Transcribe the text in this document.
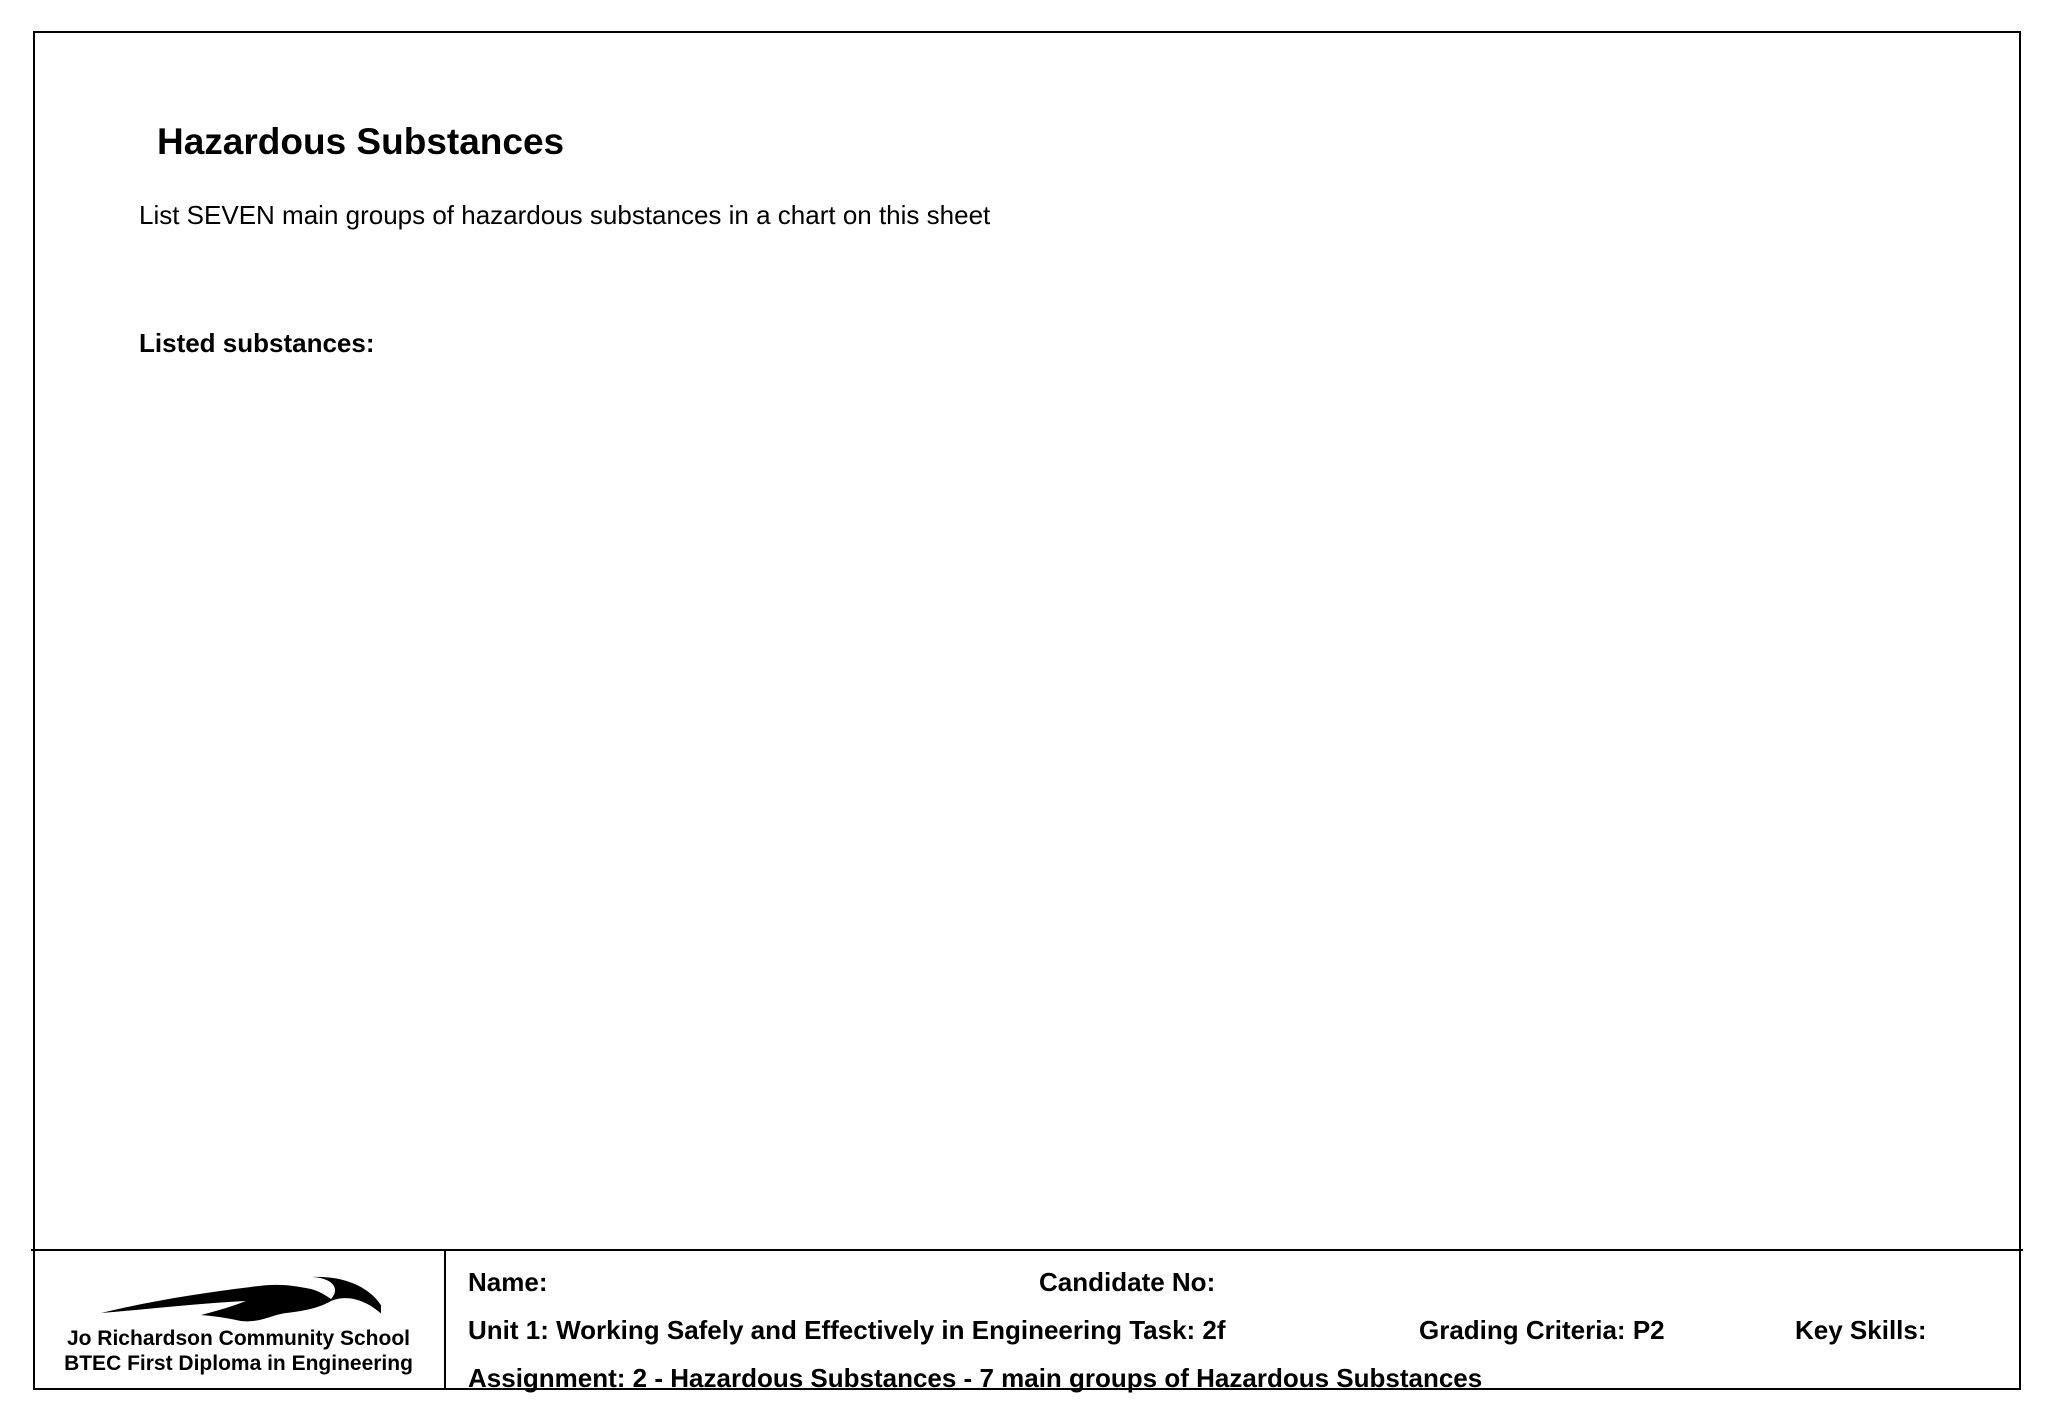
Hazardous Substances
List SEVEN main groups of hazardous substances in a chart on this sheet
Listed substances:
Jo Richardson Community School
BTEC First Diploma in Engineering
Name:	Candidate No:
Unit 1: Working Safely and Effectively in Engineering Task: 2f	Grading Criteria: P2	Key Skills:
Assignment: 2 - Hazardous Substances - 7 main groups of Hazardous Substances
